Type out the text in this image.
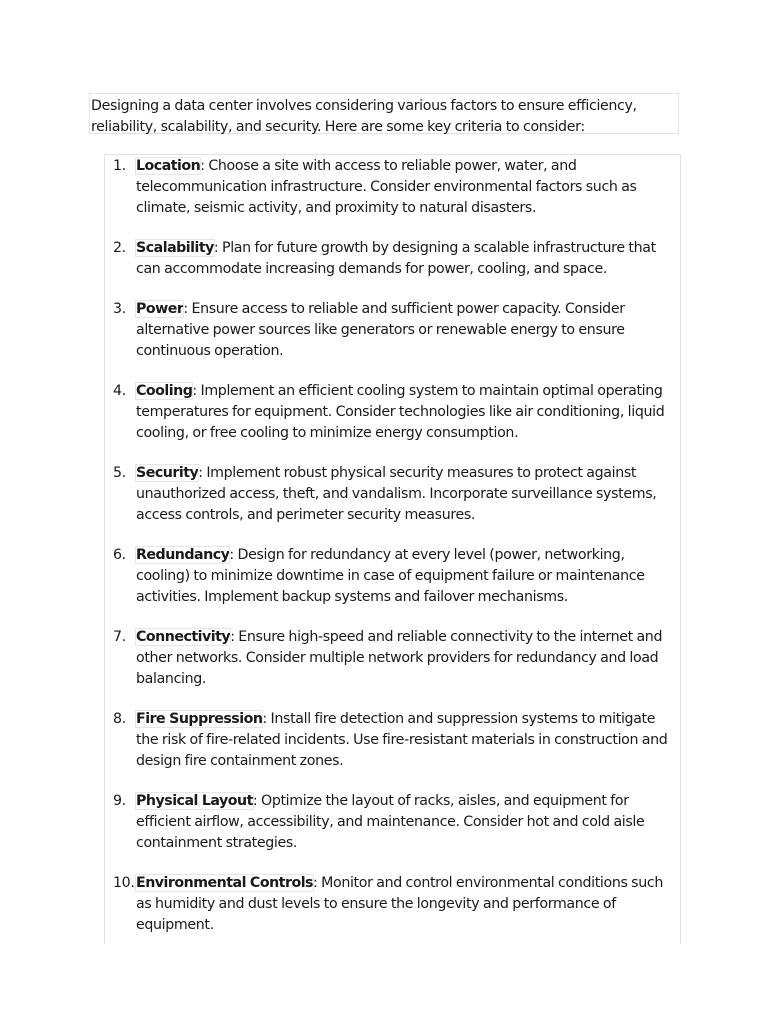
Designing a data center involves considering various factors to ensure efficiency, reliability, scalability, and security. Here are some key criteria to consider:
1. Location: Choose a site with access to reliable power, water, and telecommunication infrastructure. Consider environmental factors such as climate, seismic activity, and proximity to natural disasters.
2. Scalability: Plan for future growth by designing a scalable infrastructure that can accommodate increasing demands for power, cooling, and space.
3. Power: Ensure access to reliable and sufficient power capacity. Consider alternative power sources like generators or renewable energy to ensure continuous operation.
4. Cooling: Implement an efficient cooling system to maintain optimal operating temperatures for equipment. Consider technologies like air conditioning, liquid cooling, or free cooling to minimize energy consumption.
5. Security: Implement robust physical security measures to protect against unauthorized access, theft, and vandalism. Incorporate surveillance systems, access controls, and perimeter security measures.
6. Redundancy: Design for redundancy at every level (power, networking, cooling) to minimize downtime in case of equipment failure or maintenance activities. Implement backup systems and failover mechanisms.
7. Connectivity: Ensure high-speed and reliable connectivity to the internet and other networks. Consider multiple network providers for redundancy and load balancing.
8. Fire Suppression: Install fire detection and suppression systems to mitigate the risk of fire-related incidents. Use fire-resistant materials in construction and design fire containment zones.
9. Physical Layout: Optimize the layout of racks, aisles, and equipment for efficient airflow, accessibility, and maintenance. Consider hot and cold aisle containment strategies.
10. Environmental Controls: Monitor and control environmental conditions such as humidity and dust levels to ensure the longevity and performance of equipment.
